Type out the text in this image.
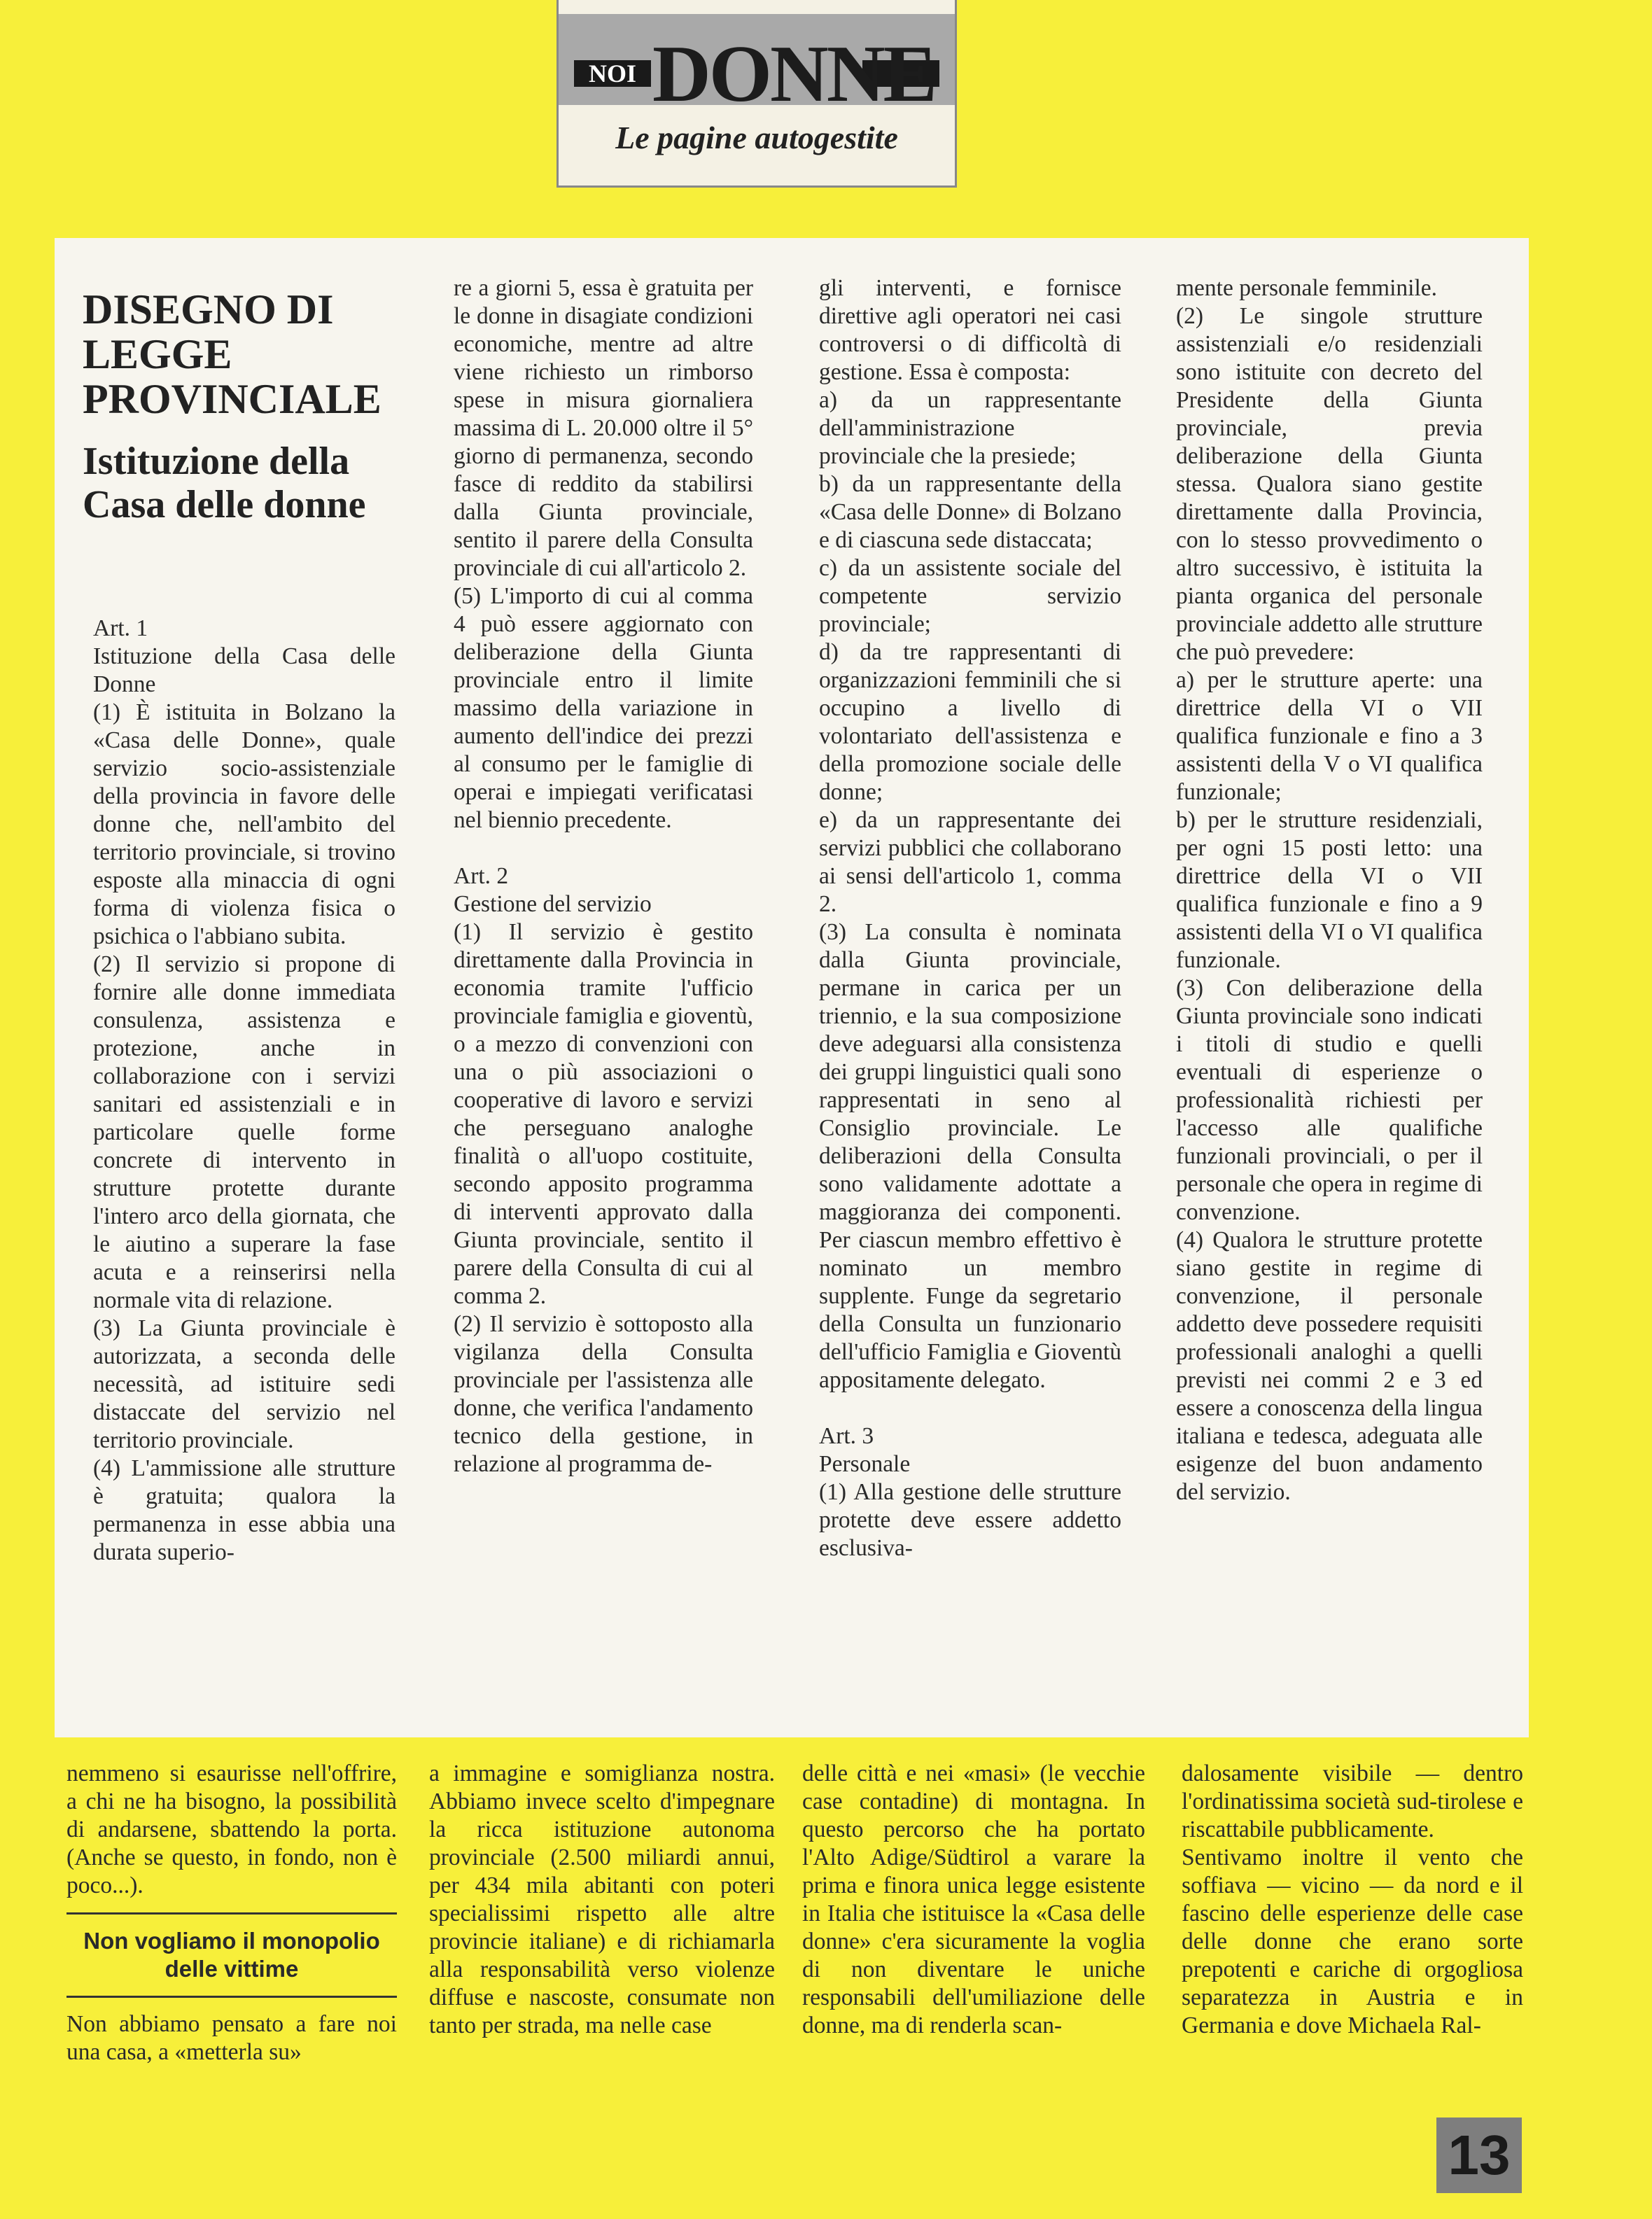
NOI DONNE
Le pagine autogestite

DISEGNO DI LEGGE PROVINCIALE

Istituzione della Casa delle donne

Art. 1

Istituzione della Casa delle Donne

(1) È istituita in Bolzano la «Casa delle Donne», quale servizio socio-assistenziale della provincia in favore delle donne che, nell'ambito del territorio provinciale, si trovino esposte alla minaccia di ogni forma di violenza fisica o psichica o l'abbiano subita.

(2) Il servizio si propone di fornire alle donne immediata consulenza, assistenza e protezione, anche in collaborazione con i servizi sanitari ed assistenziali e in particolare quelle forme concrete di intervento in strutture protette durante l'intero arco della giornata, che le aiutino a superare la fase acuta e a reinserirsi nella normale vita di relazione.

(3) La Giunta provinciale è autorizzata, a seconda delle necessità, ad istituire sedi distaccate del servizio nel territorio provinciale.

(4) L'ammissione alle strutture è gratuita; qualora la permanenza in esse abbia una durata superio-

re a giorni 5, essa è gratuita per le donne in disagiate condizioni economiche, mentre ad altre viene richiesto un rimborso spese in misura giornaliera massima di L. 20.000 oltre il 5° giorno di permanenza, secondo fasce di reddito da stabilirsi dalla Giunta provinciale, sentito il parere della Consulta provinciale di cui all'articolo 2.

(5) L'importo di cui al comma 4 può essere aggiornato con deliberazione della Giunta provinciale entro il limite massimo della variazione in aumento dell'indice dei prezzi al consumo per le famiglie di operai e impiegati verificatasi nel biennio precedente.

Art. 2

Gestione del servizio

(1) Il servizio è gestito direttamente dalla Provincia in economia tramite l'ufficio provinciale famiglia e gioventù, o a mezzo di convenzioni con una o più associazioni o cooperative di lavoro e servizi che perseguano analoghe finalità o all'uopo costituite, secondo apposito programma di interventi approvato dalla Giunta provinciale, sentito il parere della Consulta di cui al comma 2.

(2) Il servizio è sottoposto alla vigilanza della Consulta provinciale per l'assistenza alle donne, che verifica l'andamento tecnico della gestione, in relazione al programma de-

gli interventi, e fornisce direttive agli operatori nei casi controversi o di difficoltà di gestione. Essa è composta:

a) da un rappresentante dell'amministrazione provinciale che la presiede;

b) da un rappresentante della «Casa delle Donne» di Bolzano e di ciascuna sede distaccata;

c) da un assistente sociale del competente servizio provinciale;

d) da tre rappresentanti di organizzazioni femminili che si occupino a livello di volontariato dell'assistenza e della promozione sociale delle donne;

e) da un rappresentante dei servizi pubblici che collaborano ai sensi dell'articolo 1, comma 2.

(3) La consulta è nominata dalla Giunta provinciale, permane in carica per un triennio, e la sua composizione deve adeguarsi alla consistenza dei gruppi linguistici quali sono rappresentati in seno al Consiglio provinciale. Le deliberazioni della Consulta sono validamente adottate a maggioranza dei componenti. Per ciascun membro effettivo è nominato un membro supplente. Funge da segretario della Consulta un funzionario dell'ufficio Famiglia e Gioventù appositamente delegato.

Art. 3

Personale

(1) Alla gestione delle strutture protette deve essere addetto esclusiva-

mente personale femminile.

(2) Le singole strutture assistenziali e/o residenziali sono istituite con decreto del Presidente della Giunta provinciale, previa deliberazione della Giunta stessa. Qualora siano gestite direttamente dalla Provincia, con lo stesso provvedimento o altro successivo, è istituita la pianta organica del personale provinciale addetto alle strutture che può prevedere:

a) per le strutture aperte: una direttrice della VI o VII qualifica funzionale e fino a 3 assistenti della V o VI qualifica funzionale;

b) per le strutture residenziali, per ogni 15 posti letto: una direttrice della VI o VII qualifica funzionale e fino a 9 assistenti della VI o VI qualifica funzionale.

(3) Con deliberazione della Giunta provinciale sono indicati i titoli di studio e quelli eventuali di esperienze o professionalità richiesti per l'accesso alle qualifiche funzionali provinciali, o per il personale che opera in regime di convenzione.

(4) Qualora le strutture protette siano gestite in regime di convenzione, il personale addetto deve possedere requisiti professionali analoghi a quelli previsti nei commi 2 e 3 ed essere a conoscenza della lingua italiana e tedesca, adeguata alle esigenze del buon andamento del servizio.

nemmeno si esaurisse nell'offrire, a chi ne ha bisogno, la possibilità di andarsene, sbattendo la porta. (Anche se questo, in fondo, non è poco...).

Non vogliamo il monopolio delle vittime

Non abbiamo pensato a fare noi una casa, a «metterla su»

a immagine e somiglianza nostra. Abbiamo invece scelto d'impegnare la ricca istituzione autonoma provinciale (2.500 miliardi annui, per 434 mila abitanti con poteri specialissimi rispetto alle altre provincie italiane) e di richiamarla alla responsabilità verso violenze diffuse e nascoste, consumate non tanto per strada, ma nelle case

delle città e nei «masi» (le vecchie case contadine) di montagna. In questo percorso che ha portato l'Alto Adige/Südtirol a varare la prima e finora unica legge esistente in Italia che istituisce la «Casa delle donne» c'era sicuramente la voglia di non diventare le uniche responsabili dell'umiliazione delle donne, ma di renderla scan-

dalosamente visibile — dentro l'ordinatissima società sud-tirolese e riscattabile pubblicamente.

Sentivamo inoltre il vento che soffiava — vicino — da nord e il fascino delle esperienze delle case delle donne che erano sorte prepotenti e cariche di orgogliosa separatezza in Austria e in Germania e dove Michaela Ral-

13
